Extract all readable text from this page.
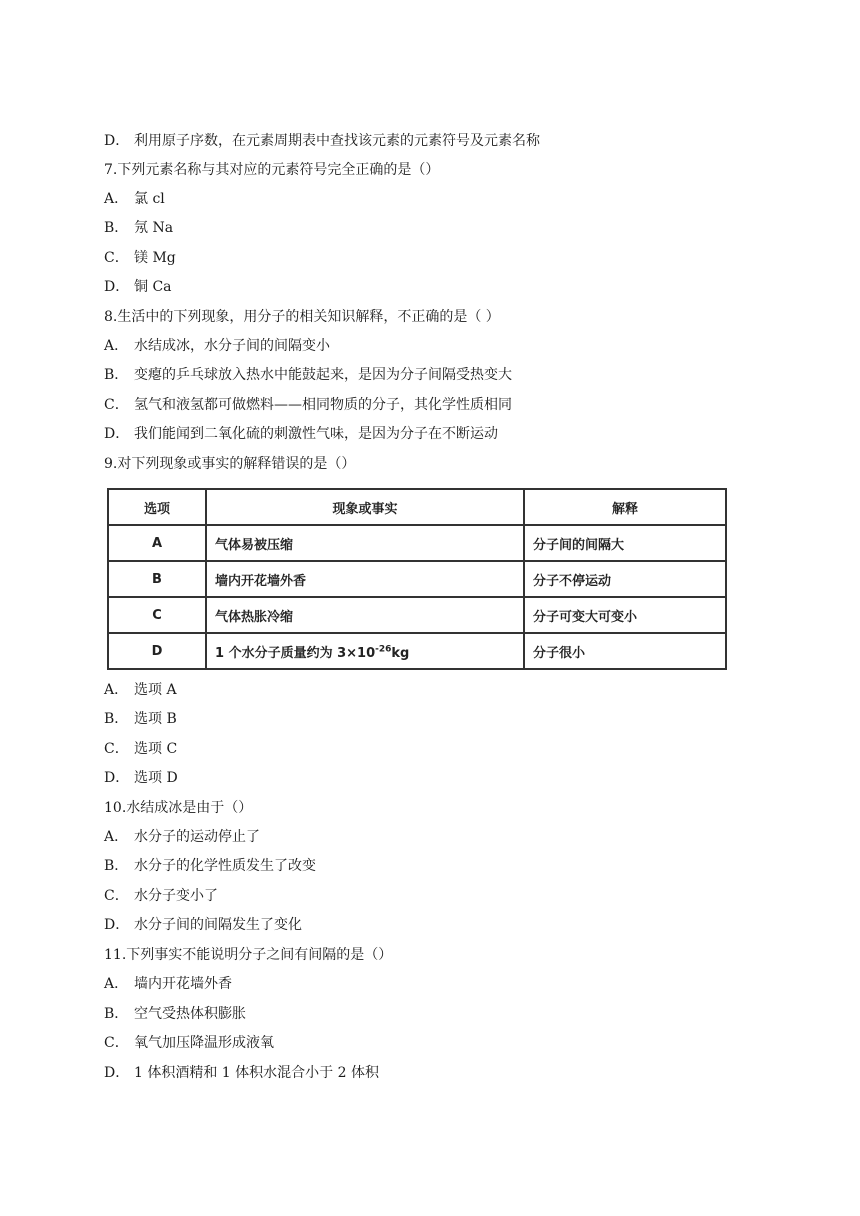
D． 利用原子序数，在元素周期表中查找该元素的元素符号及元素名称
7.下列元素名称与其对应的元素符号完全正确的是（）
A． 氯 cl
B． 氖 Na
C． 镁 Mg
D． 铜 Ca
8.生活中的下列现象，用分子的相关知识解释，不正确的是（ ）
A． 水结成冰，水分子间的间隔变小
B． 变瘪的乒乓球放入热水中能鼓起来，是因为分子间隔受热变大
C． 氢气和液氢都可做燃料——相同物质的分子，其化学性质相同
D． 我们能闻到二氧化硫的刺激性气味，是因为分子在不断运动
9.对下列现象或事实的解释错误的是（）
选项	现象或事实	解释
A	气体易被压缩	分子间的间隔大
B	墙内开花墙外香	分子不停运动
C	气体热胀冷缩	分子可变大可变小
D	1 个水分子质量约为 $3\times 10^{-26}kg$	分子很小
A． 选项 A
B． 选项 B
C． 选项 C
D． 选项 D
10.水结成冰是由于（）
A． 水分子的运动停止了
B． 水分子的化学性质发生了改变
C． 水分子变小了
D． 水分子间的间隔发生了变化
11.下列事实不能说明分子之间有间隔的是（）
A． 墙内开花墙外香
B． 空气受热体积膨胀
C． 氧气加压降温形成液氧
D． 1 体积酒精和 1 体积水混合小于 2 体积
